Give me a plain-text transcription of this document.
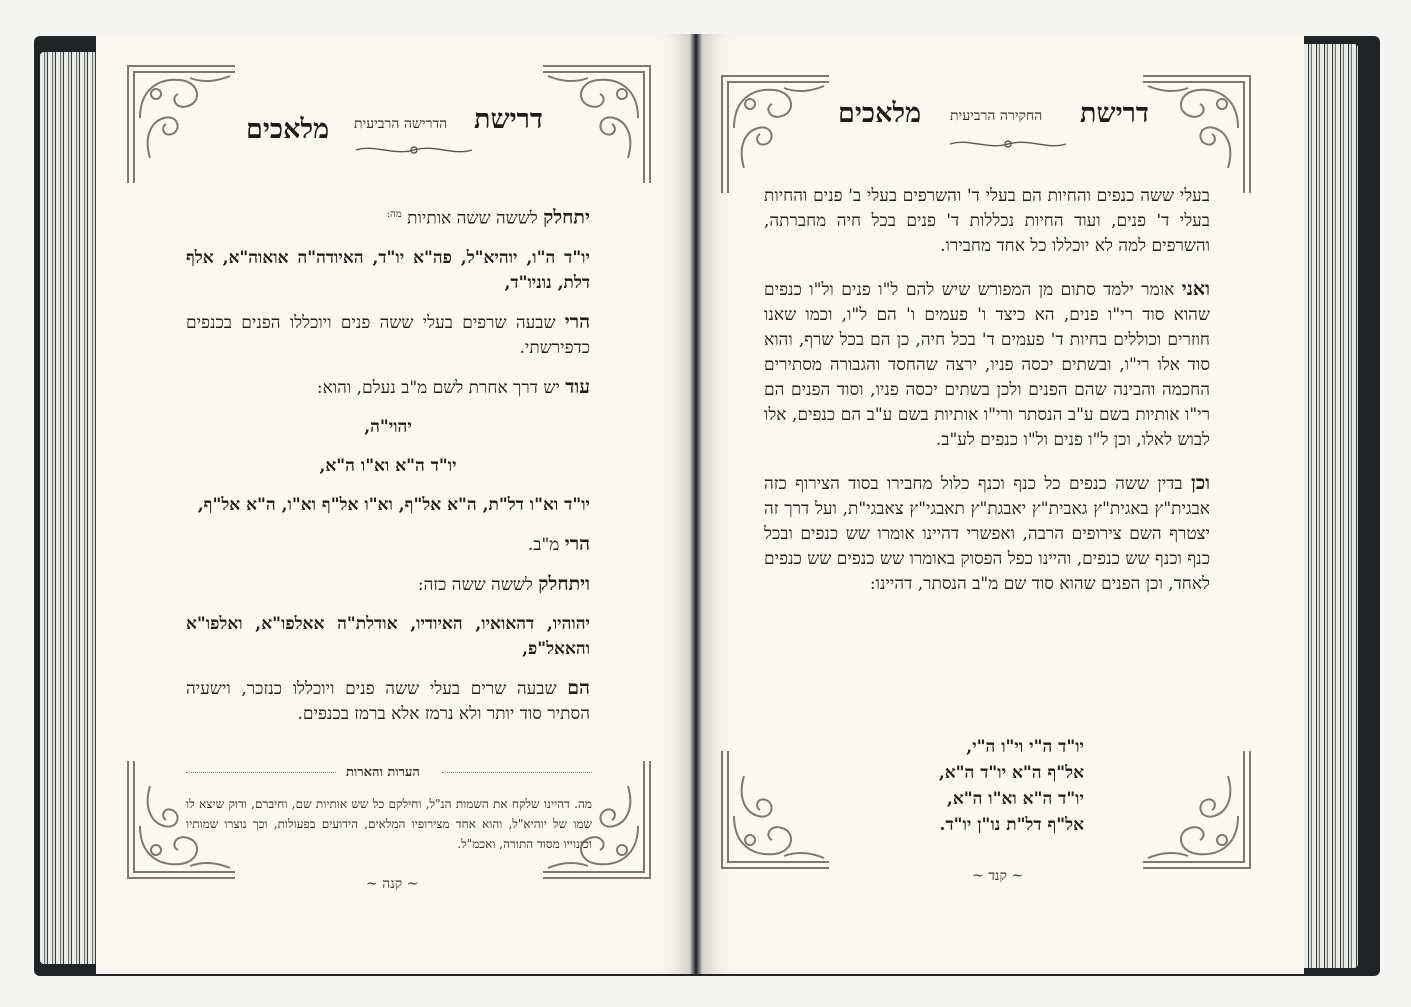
דרישת
מלאכים הדרישה הרביעית

יתחלק לששה ששה אותיות $^{מה:}$

יו"ד ה"ו, יוהיא"ל, פה"א יו"ד, האיודה"ה אואוה"א, אלף דלת, נוניו"ד,

הרי שבעה שרפים בעלי ששה פנים ויוכללו הפנים בכנפים כדפירשתי.

עוד יש דרך אחרת לשם מ"ב נעלם, והוא:

יהוי"ה,

יו"ד ה"א וא"ו ה"א,

יו"ד וא"ו דל"ת, ה"א אל"ף, וא"ו אל"ף וא"ו, ה"א אל"ף,

הרי מ"ב.

ויתחלק לששה ששה כזה:

יהוהיו, דהאואיו, האיודיו, אודלת"ה אאלפו"א, ואלפו"א והאאל"פ,

הם שבעה שרים בעלי ששה פנים ויוכללו כנזכר, וישעיה הסתיר סוד יותר ולא נרמז אלא ברמז בכנפים.

הערות והארות
מה. דהיינו שלקח את השמות הנ"ל, וחילקם כל שש אותיות שם, וחיברם, ודוק שיצא לו שמו של יוהיא"ל, והוא אחד מצירופיו המלאים, הידועים בפעולות, וכך נוצרו שמותיו וכינוייו מסוד התורה, ואכמ"ל.
~ קנה ~
דרישת
מלאכים החקירה הרביעית

בעלי ששה כנפים והחיות הם בעלי ד' והשרפים בעלי ב' פנים והחיות בעלי ד' פנים, ועוד החיות נכללות ד' פנים בכל חיה מחברתה, והשרפים למה לא יוכללו כל אחד מחבירו.

ואני אומר ילמד סתום מן המפורש שיש להם ל"ו פנים ול"ו כנפים שהוא סוד רי"ו פנים, הא כיצד ו' פעמים ו' הם ל"ו, וכמו שאנו חוזרים וכוללים בחיות ד' פעמים ד' בכל חיה, כן הם בכל שרף, והוא סוד אלו רי"ו, ובשתים יכסה פניו, ירצה שהחסד והגבורה מסתירים החכמה והבינה שהם הפנים ולכן בשתים יכסה פניו, וסוד הפנים הם רי"ו אותיות בשם ע"ב הנסתר ורי"ו אותיות בשם ע"ב הם כנפים, אלו לבוש לאלו, וכן ל"ו פנים ול"ו כנפים לע"ב.

וכן בדין ששה כנפים כל כנף וכנף כלול מחבירו בסוד הצירוף כזה אבגית"ץ באגית"ץ גאבית"ץ יאבגת"ץ תאבגי"ץ צאבגי"ת, ועל דרך זה יצטרף השם צירופים הרבה, ואפשרי דהיינו אומרו שש כנפים ובכל כנף וכנף שש כנפים, והיינו כפל הפסוק באומרו שש כנפים שש כנפים לאחד, וכן הפנים שהוא סוד שם מ"ב הנסתר, דהיינו:

יו"ד ה"י וי"ו ה"י,

אל"ף ה"א יו"ד ה"א,

יו"ד ה"א וא"ו ה"א,

אל"ף דל"ת נו"ן יו"ד.

~ קנד ~
